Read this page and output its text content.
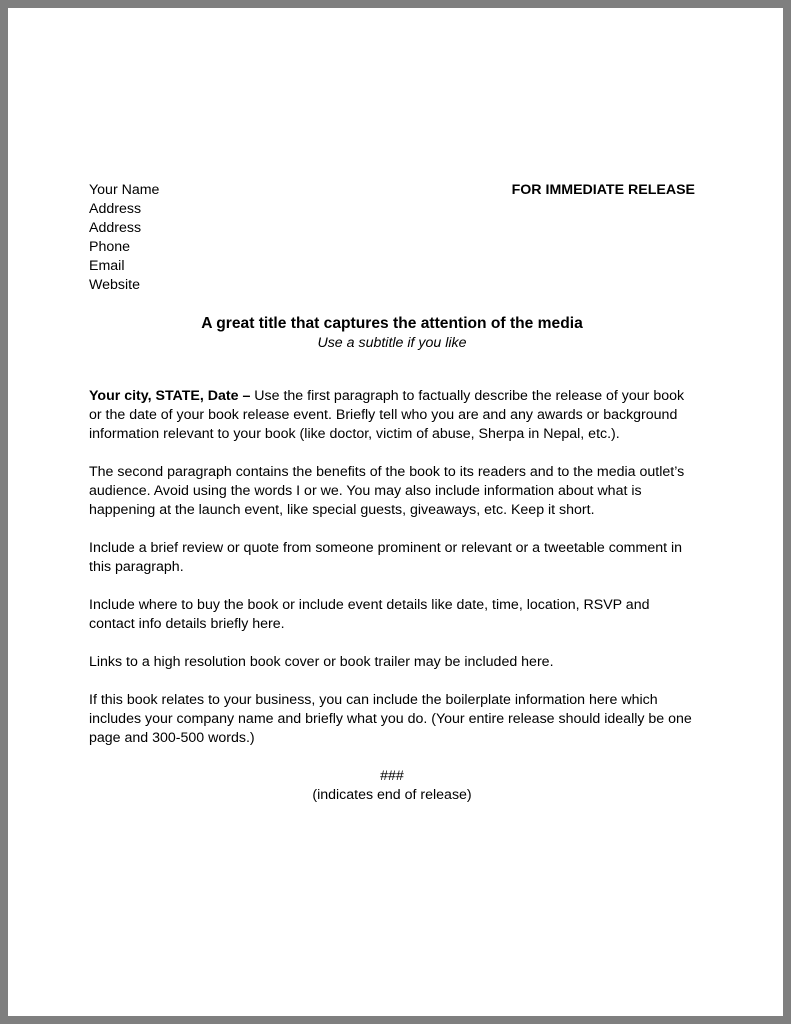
Your Name
Address
Address
Phone
Email
Website
FOR IMMEDIATE RELEASE
A great title that captures the attention of the media
Use a subtitle if you like

Your city, STATE, Date – Use the first paragraph to factually describe the release of your book or the date of your book release event. Briefly tell who you are and any awards or background information relevant to your book (like doctor, victim of abuse, Sherpa in Nepal, etc.).

The second paragraph contains the benefits of the book to its readers and to the media outlet’s audience. Avoid using the words I or we. You may also include information about what is happening at the launch event, like special guests, giveaways, etc. Keep it short.

Include a brief review or quote from someone prominent or relevant or a tweetable comment in this paragraph.

Include where to buy the book or include event details like date, time, location, RSVP and contact info details briefly here.

Links to a high resolution book cover or book trailer may be included here.

If this book relates to your business, you can include the boilerplate information here which includes your company name and briefly what you do. (Your entire release should ideally be one page and 300-500 words.)

###
(indicates end of release)
